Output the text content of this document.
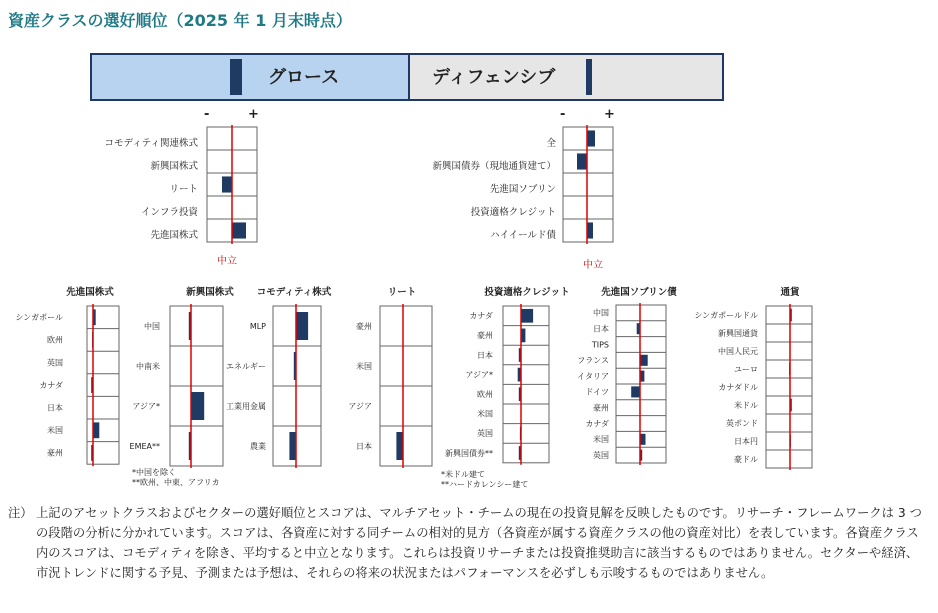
資産クラスの選好順位（2025 年 1 月末時点）
グロース	ディフェンシブ
-	+
コモディティ関連株式
新興国株式
リート
インフラ投資
先進国株式
中立
-	+
全
新興国債券（現地通貨建て）
先進国ソブリン
投資適格クレジット
ハイイールド債
中立
先進国株式	新興国株式	コモディティ株式	リート	投資適格クレジット	先進国ソブリン債	通貨
*中国を除く
**欧州、中東、アフリカ
*米ドル建て
**ハードカレンシー建て
シンガポール
欧州
英国
カナダ
日本
米国
豪州
中国
中南米
アジア*
EMEA**
MLP
エネルギー
工業用金属
農業
豪州
米国
アジア
日本
カナダ
豪州
日本
アジア*
欧州
米国
英国
新興国債券**
中国
日本
TIPS
フランス
イタリア
ドイツ
豪州
カナダ
米国
英国
シンガポールドル
新興国通貨
中国人民元
ユーロ
カナダドル
米ドル
英ポンド
日本円
豪ドル
注） 上記のアセットクラスおよびセクターの選好順位とスコアは、マルチアセット・チームの現在の投資見解を反映したものです。リサーチ・フレームワークは 3 つの段階の分析に分かれています。スコアは、各資産に対する同チームの相対的見方（各資産が属する資産クラスの他の資産対比）を表しています。各資産クラス内のスコアは、コモディティを除き、平均すると中立となります。これらは投資リサーチまたは投資推奨助言に該当するものではありません。セクターや経済、市況トレンドに関する予見、予測または予想は、それらの将来の状況またはパフォーマンスを必ずしも示唆するものではありません。
